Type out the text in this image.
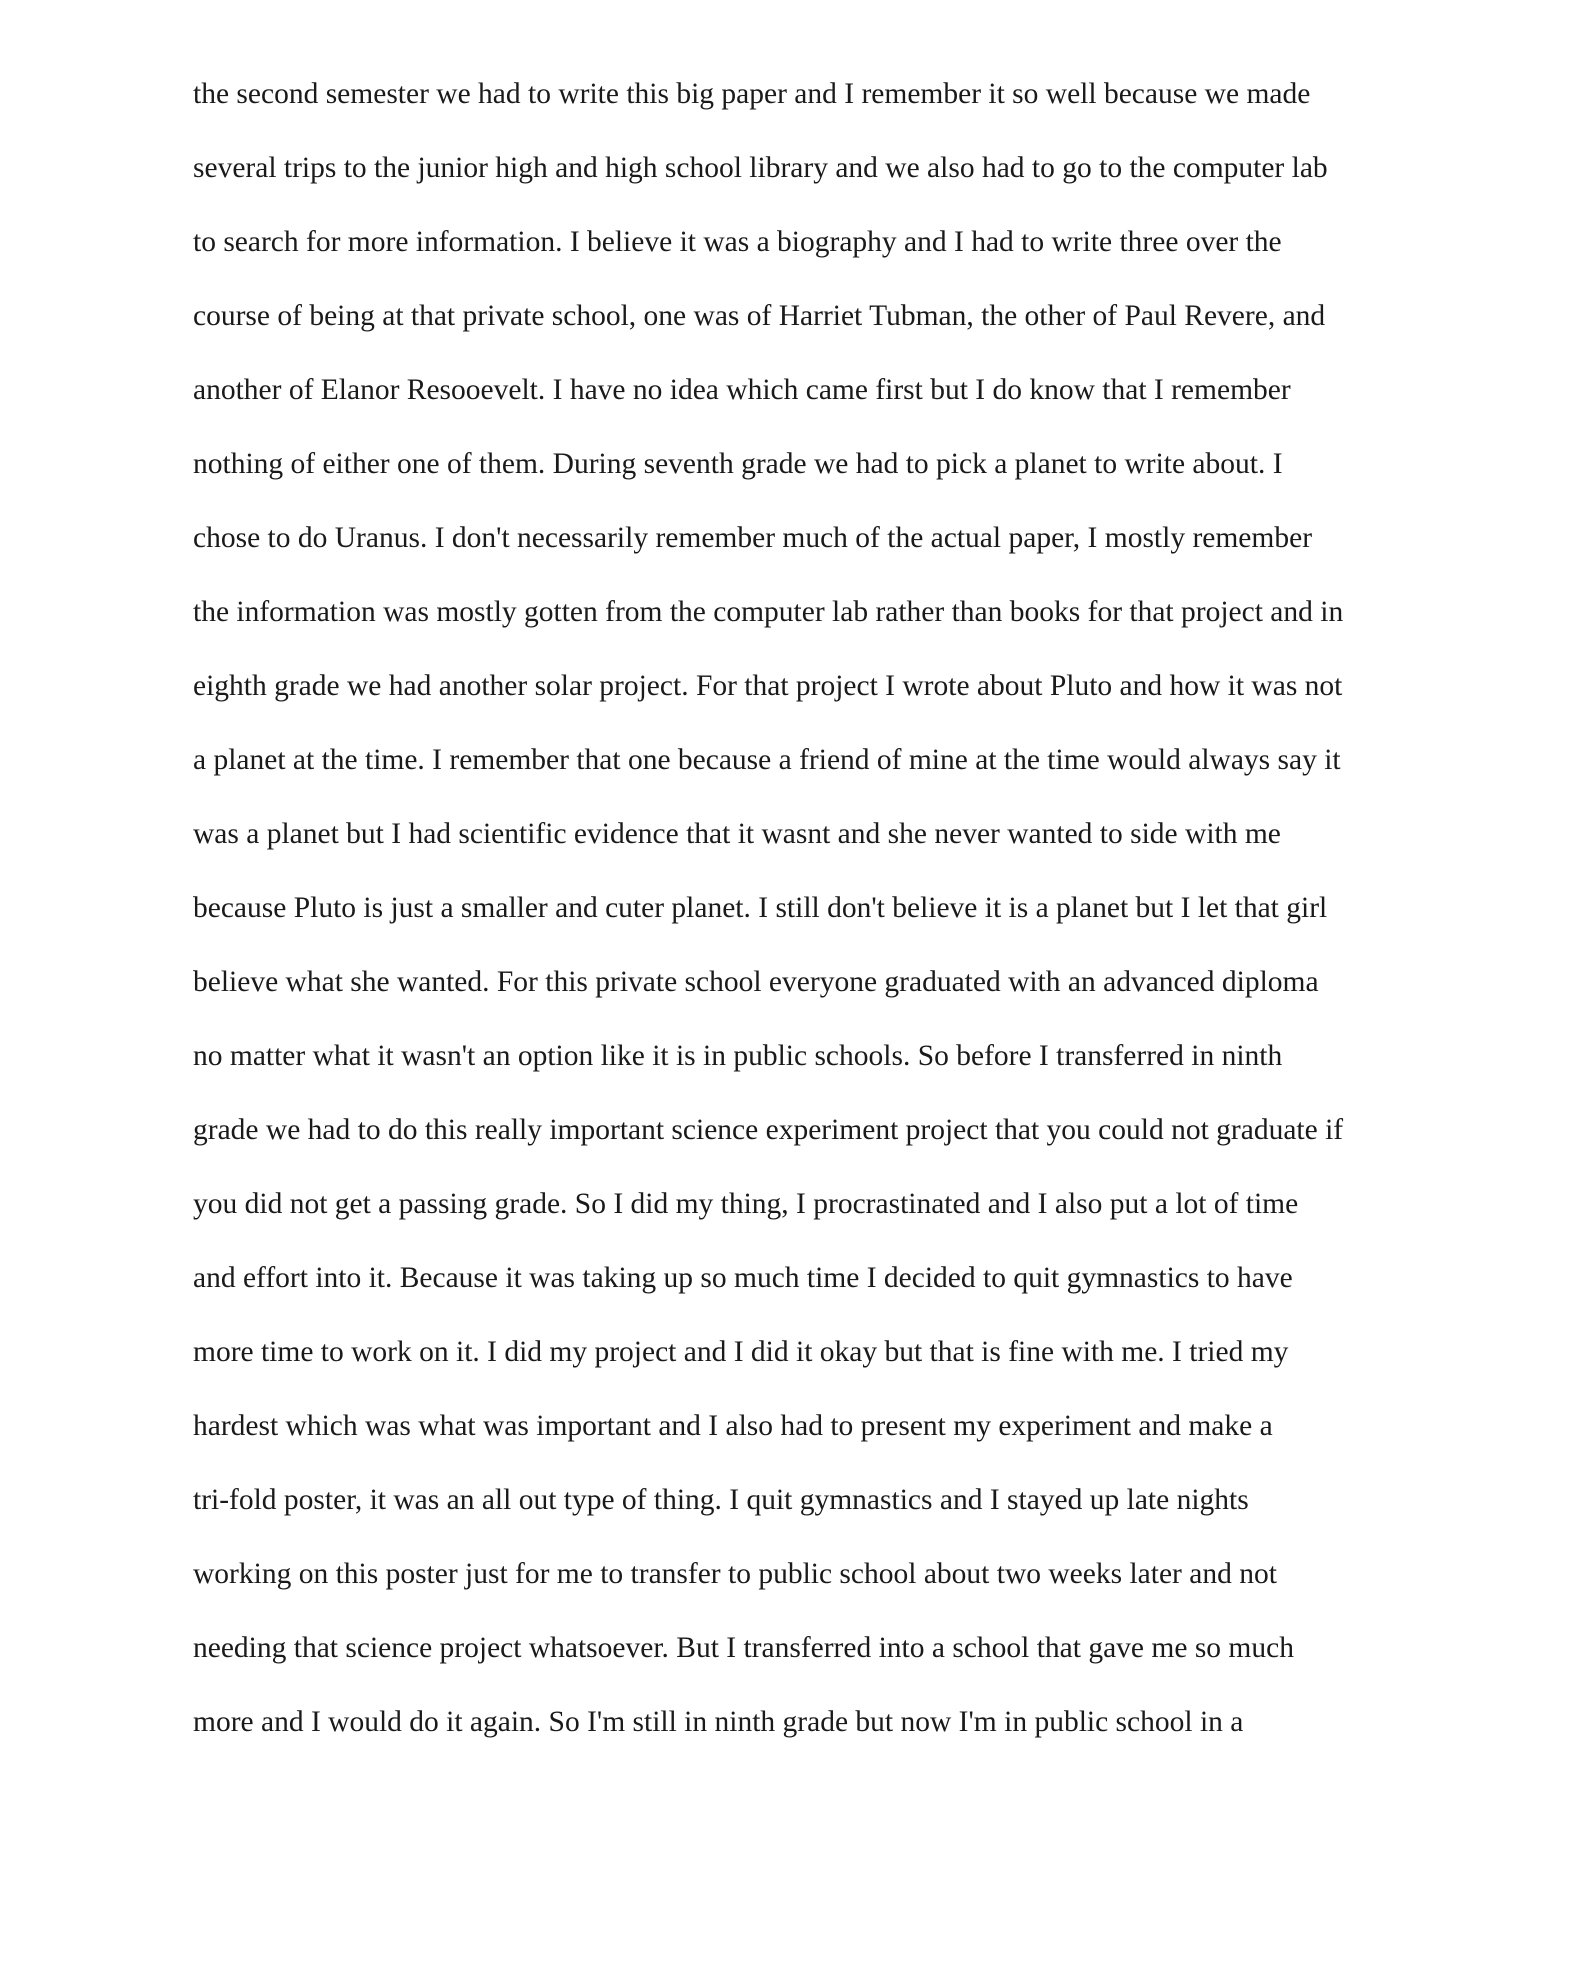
the second semester we had to write this big paper and I remember it so well because we made
several trips to the junior high and high school library and we also had to go to the computer lab
to search for more information. I believe it was a biography and I had to write three over the
course of being at that private school, one was of Harriet Tubman, the other of Paul Revere, and
another of Elanor Resooevelt. I have no idea which came first but I do know that I remember
nothing of either one of them. During seventh grade we had to pick a planet to write about. I
chose to do Uranus. I don't necessarily remember much of the actual paper, I mostly remember
the information was mostly gotten from the computer lab rather than books for that project and in
eighth grade we had another solar project. For that project I wrote about Pluto and how it was not
a planet at the time. I remember that one because a friend of mine at the time would always say it
was a planet but I had scientific evidence that it wasnt and she never wanted to side with me
because Pluto is just a smaller and cuter planet. I still don't believe it is a planet but I let that girl
believe what she wanted. For this private school everyone graduated with an advanced diploma
no matter what it wasn't an option like it is in public schools. So before I transferred in ninth
grade we had to do this really important science experiment project that you could not graduate if
you did not get a passing grade. So I did my thing, I procrastinated and I also put a lot of time
and effort into it. Because it was taking up so much time I decided to quit gymnastics to have
more time to work on it. I did my project and I did it okay but that is fine with me. I tried my
hardest which was what was important and I also had to present my experiment and make a
tri-fold poster, it was an all out type of thing. I quit gymnastics and I stayed up late nights
working on this poster just for me to transfer to public school about two weeks later and not
needing that science project whatsoever. But I transferred into a school that gave me so much
more and I would do it again. So I'm still in ninth grade but now I'm in public school in a
